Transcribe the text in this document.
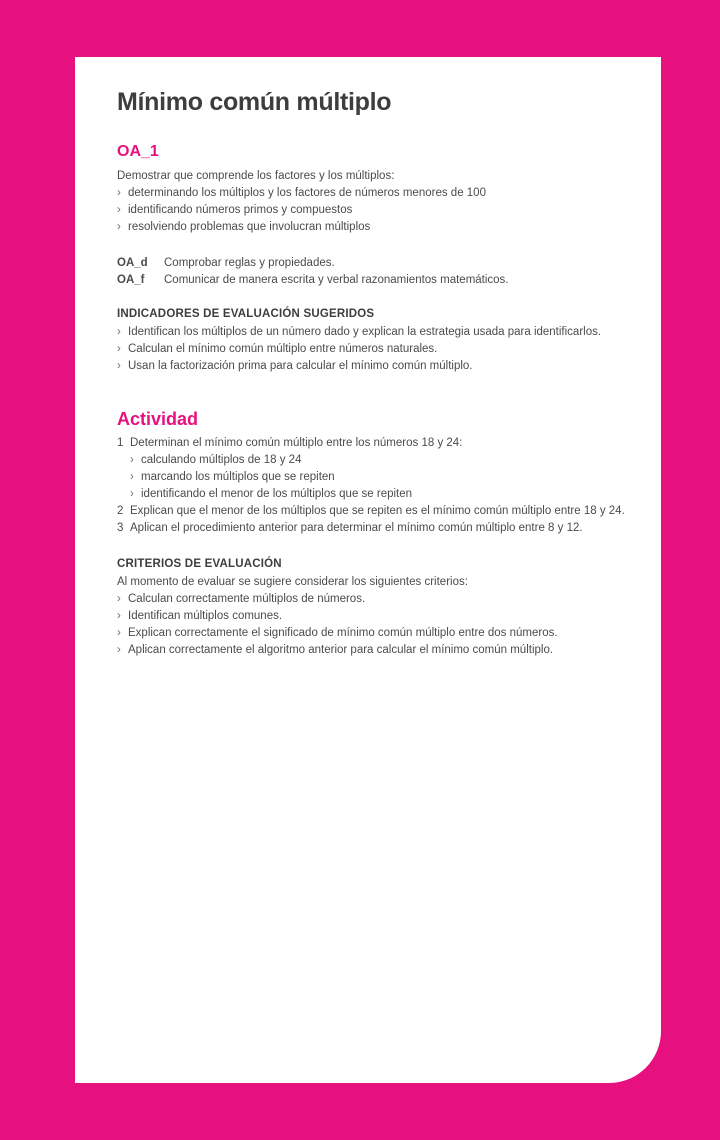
Mínimo común múltiplo
OA_1

Demostrar que comprende los factores y los múltiplos:

› determinando los múltiplos y los factores de números menores de 100
› identificando números primos y compuestos
› resolviendo problemas que involucran múltiplos
OA_d	Comprobar reglas y propiedades.
OA_f	Comunicar de manera escrita y verbal razonamientos matemáticos.
INDICADORES DE EVALUACIÓN SUGERIDOS
› Identifican los múltiplos de un número dado y explican la estrategia usada para identificarlos.
› Calculan el mínimo común múltiplo entre números naturales.
› Usan la factorización prima para calcular el mínimo común múltiplo.
Actividad
1 Determinan el mínimo común múltiplo entre los números 18 y 24:
› calculando múltiplos de 18 y 24
› marcando los múltiplos que se repiten
› identificando el menor de los múltiplos que se repiten
2 Explican que el menor de los múltiplos que se repiten es el mínimo común múltiplo entre 18 y 24.
3 Aplican el procedimiento anterior para determinar el mínimo común múltiplo entre 8 y 12.
CRITERIOS DE EVALUACIÓN

Al momento de evaluar se sugiere considerar los siguientes criterios:

› Calculan correctamente múltiplos de números.
› Identifican múltiplos comunes.
› Explican correctamente el significado de mínimo común múltiplo entre dos números.
› Aplican correctamente el algoritmo anterior para calcular el mínimo común múltiplo.
